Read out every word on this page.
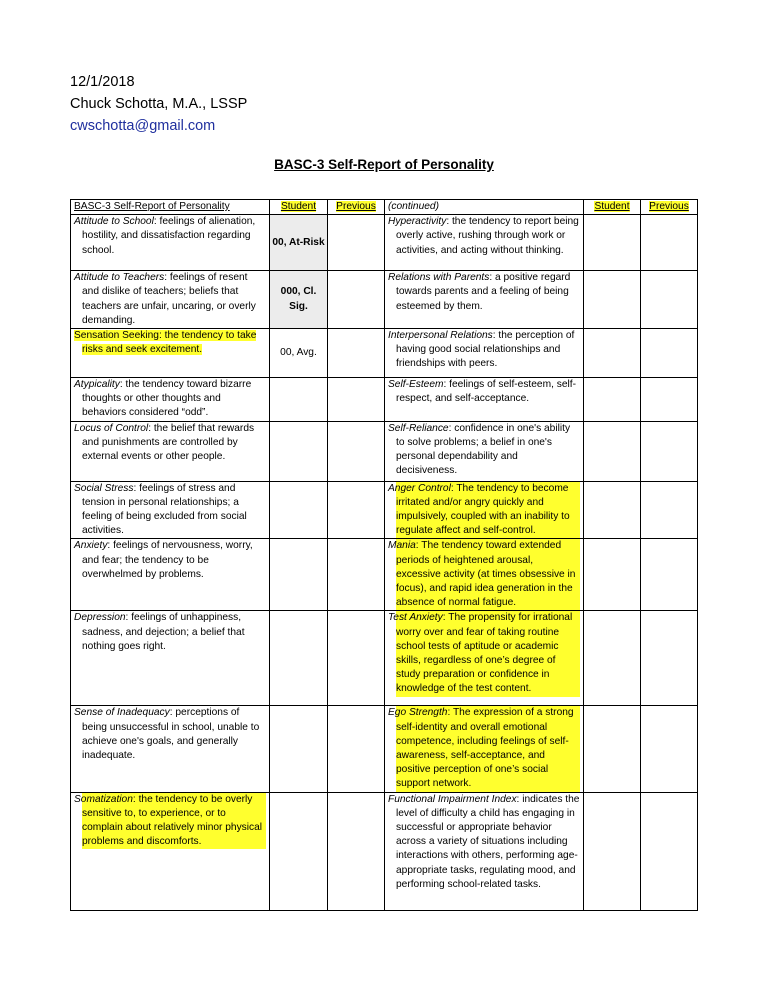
12/1/2018
Chuck Schotta, M.A., LSSP
cwschotta@gmail.com
BASC-3 Self-Report of Personality
BASC-3 Self-Report of Personality	Student	Previous	(continued)	Student	Previous
Attitude to School: feelings of alienation, hostility, and dissatisfaction regarding school.	00, At-Risk		Hyperactivity: the tendency to report being overly active, rushing through work or activities, and acting without thinking.		
Attitude to Teachers: feelings of resent and dislike of teachers; beliefs that teachers are unfair, uncaring, or overly demanding.	000, Cl. Sig.		Relations with Parents: a positive regard towards parents and a feeling of being esteemed by them.		
Sensation Seeking: the tendency to take risks and seek excitement.	00, Avg.		Interpersonal Relations: the perception of having good social relationships and friendships with peers.		
Atypicality: the tendency toward bizarre thoughts or other thoughts and behaviors considered “odd”.			Self-Esteem: feelings of self-esteem, self-respect, and self-acceptance.		
Locus of Control: the belief that rewards and punishments are controlled by external events or other people.			Self-Reliance: confidence in one's ability to solve problems; a belief in one's personal dependability and decisiveness.		
Social Stress: feelings of stress and tension in personal relationships; a feeling of being excluded from social activities.			Anger Control: The tendency to become irritated and/or angry quickly and impulsively, coupled with an inability to regulate affect and self-control.		

Anxiety: feelings of nervousness, worry, and fear; the tendency to be overwhelmed by problems.			Mania: The tendency toward extended periods of heightened arousal, excessive activity (at times obsessive in focus), and rapid idea generation in the absence of normal fatigue.		

Depression: feelings of unhappiness, sadness, and dejection; a belief that nothing goes right.			Test Anxiety: The propensity for irrational worry over and fear of taking routine school tests of aptitude or academic skills, regardless of one’s degree of study preparation or confidence in knowledge of the test content.		

Sense of Inadequacy: perceptions of being unsuccessful in school, unable to achieve one's goals, and generally inadequate.			Ego Strength: The expression of a strong self-identity and overall emotional competence, including feelings of self-awareness, self-acceptance, and positive perception of one’s social support network.		

Somatization: the tendency to be overly sensitive to, to experience, or to complain about relatively minor physical problems and discomforts.			Functional Impairment Index: indicates the level of difficulty a child has engaging in successful or appropriate behavior across a variety of situations including interactions with others, performing age-appropriate tasks, regulating mood, and performing school-related tasks.		
